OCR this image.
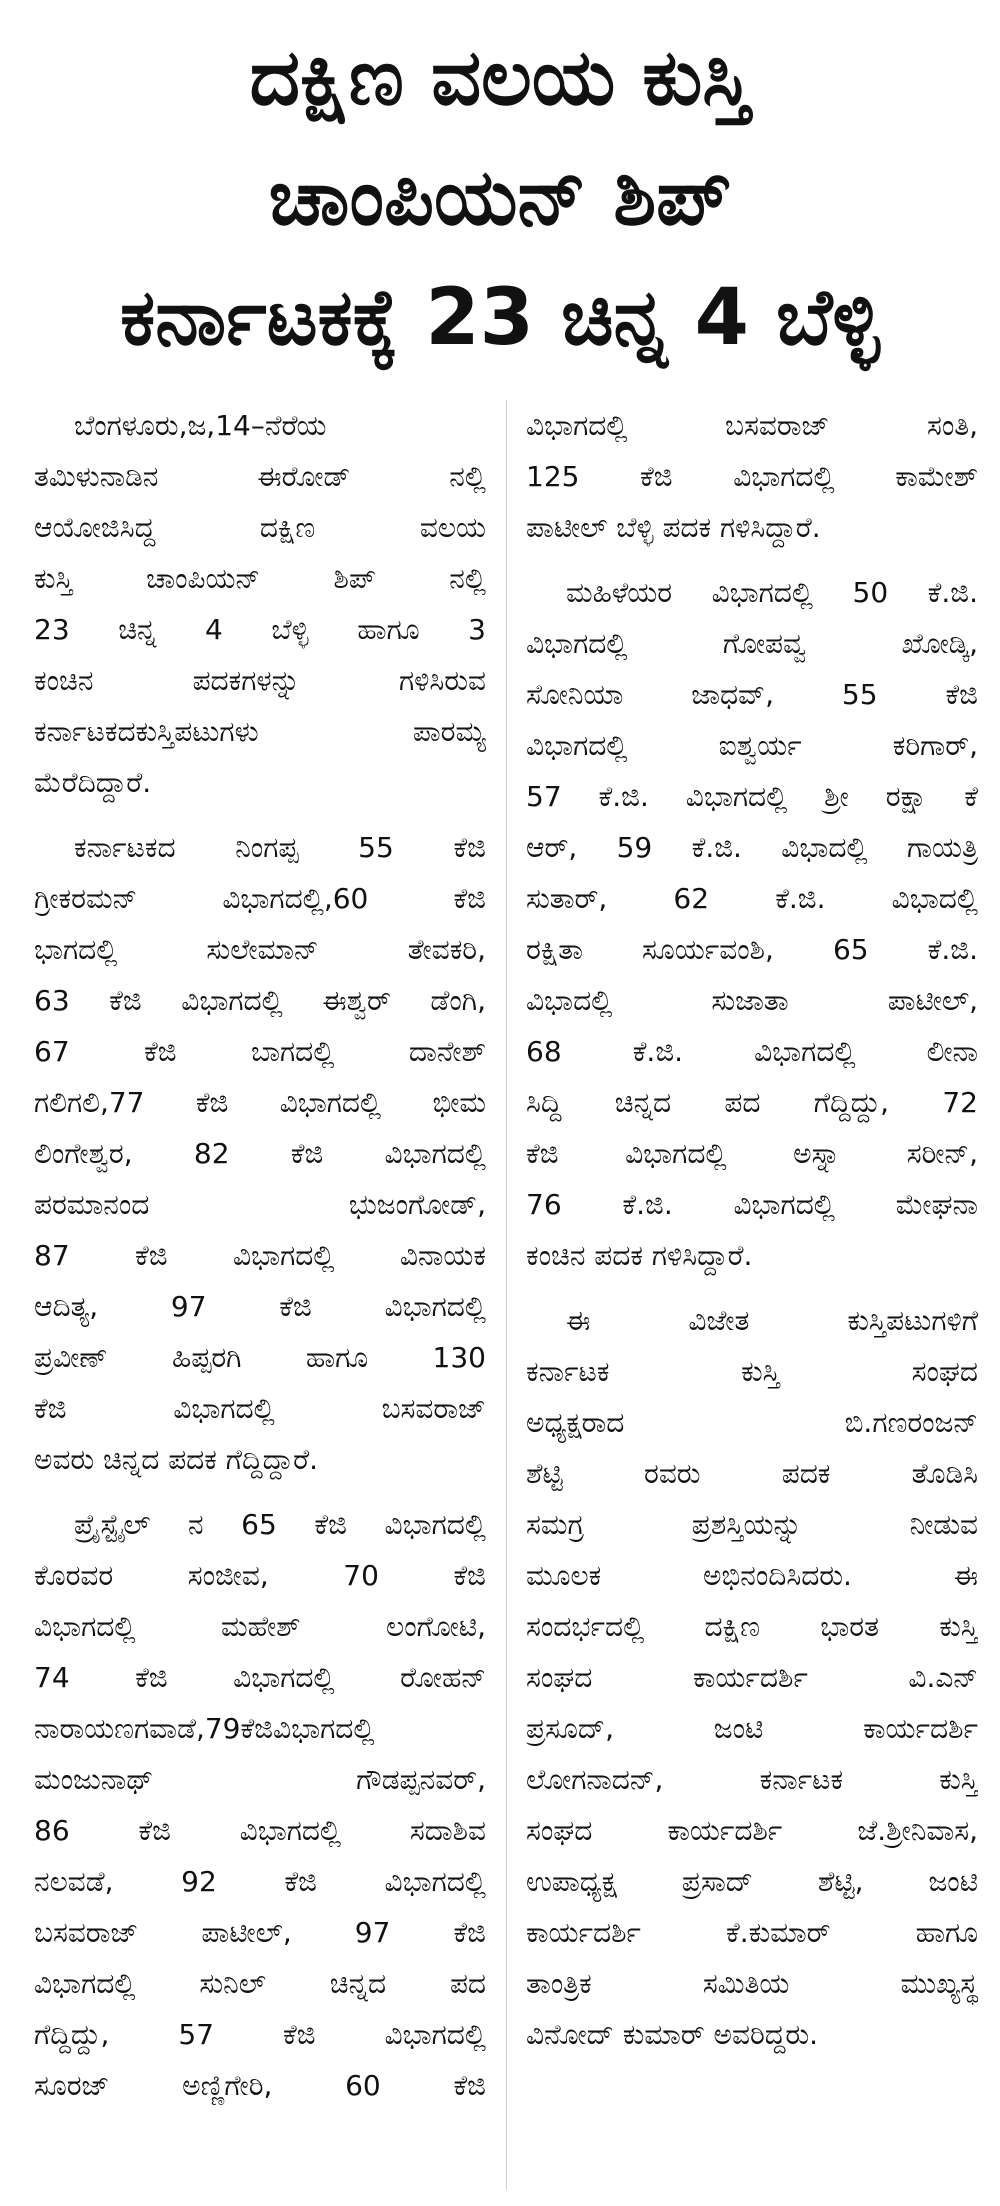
ದಕ್ಷಿಣ ವಲಯ ಕುಸ್ತಿ
ಚಾಂಪಿಯನ್ ಶಿಪ್
ಕರ್ನಾಟಕಕ್ಕೆ 23 ಚಿನ್ನ 4 ಬೆಳ್ಳಿ
ಬೆಂಗಳೂರು,ಜ,14–ನೆರೆಯ
ತಮಿಳುನಾಡಿನ ಈರೋಡ್ ನಲ್ಲಿ
ಆಯೋಜಿಸಿದ್ದ ದಕ್ಷಿಣ ವಲಯ
ಕುಸ್ತಿ ಚಾಂಪಿಯನ್ ಶಿಪ್ ನಲ್ಲಿ
23 ಚಿನ್ನ 4 ಬೆಳ್ಳಿ ಹಾಗೂ 3
ಕಂಚಿನ ಪದಕಗಳನ್ನು ಗಳಿಸಿರುವ
ಕರ್ನಾಟಕದಕುಸ್ತಿಪಟುಗಳು ಪಾರಮ್ಯ
ಮೆರೆದಿದ್ದಾರೆ.
ಕರ್ನಾಟಕದ ನಿಂಗಪ್ಪ 55 ಕೆಜಿ
ಗ್ರೀಕರಮನ್ ವಿಭಾಗದಲ್ಲಿ,60 ಕೆಜಿ
ಭಾಗದಲ್ಲಿ ಸುಲೇಮಾನ್ ತೇವಕರಿ,
63 ಕೆಜಿ ವಿಭಾಗದಲ್ಲಿ ಈಶ್ವರ್ ಡೆಂಗಿ,
67 ಕೆಜಿ ಬಾಗದಲ್ಲಿ ದಾನೇಶ್
ಗಲಿಗಲಿ,77 ಕೆಜಿ ವಿಭಾಗದಲ್ಲಿ ಭೀಮ
ಲಿಂಗೇಶ್ವರ, 82 ಕೆಜಿ ವಿಭಾಗದಲ್ಲಿ
ಪರಮಾನಂದ ಭುಜಂಗೋಡ್,
87 ಕೆಜಿ ವಿಭಾಗದಲ್ಲಿ ವಿನಾಯಕ
ಆದಿತ್ಯ, 97 ಕೆಜಿ ವಿಭಾಗದಲ್ಲಿ
ಪ್ರವೀಣ್ ಹಿಪ್ಪರಗಿ ಹಾಗೂ 130
ಕೆಜಿ ವಿಭಾಗದಲ್ಲಿ ಬಸವರಾಜ್
ಅವರು ಚಿನ್ನದ ಪದಕ ಗೆದ್ದಿದ್ದಾರೆ.
ಪ್ರೈಸ್ಟೈಲ್ ನ 65 ಕೆಜಿ ವಿಭಾಗದಲ್ಲಿ
ಕೊರವರ ಸಂಜೀವ, 70 ಕೆಜಿ
ವಿಭಾಗದಲ್ಲಿ ಮಹೇಶ್ ಲಂಗೋಟಿ,
74 ಕೆಜಿ ವಿಭಾಗದಲ್ಲಿ ರೋಹನ್
ನಾರಾಯಣಗವಾಡೆ,79ಕೆಜಿವಿಭಾಗದಲ್ಲಿ
ಮಂಜುನಾಥ್ ಗೌಡಪ್ಪನವರ್,
86 ಕೆಜಿ ವಿಭಾಗದಲ್ಲಿ ಸದಾಶಿವ
ನಲವಡೆ, 92 ಕೆಜಿ ವಿಭಾಗದಲ್ಲಿ
ಬಸವರಾಜ್ ಪಾಟೀಲ್, 97 ಕೆಜಿ
ವಿಭಾಗದಲ್ಲಿ ಸುನಿಲ್ ಚಿನ್ನದ ಪದ
ಗೆದ್ದಿದ್ದು, 57 ಕೆಜಿ ವಿಭಾಗದಲ್ಲಿ
ಸೂರಜ್ ಅಣ್ಣಿಗೇರಿ, 60 ಕೆಜಿ
ವಿಭಾಗದಲ್ಲಿ ಬಸವರಾಜ್ ಸಂತಿ,
125 ಕೆಜಿ ವಿಭಾಗದಲ್ಲಿ ಕಾಮೇಶ್
ಪಾಟೀಲ್ ಬೆಳ್ಳಿ ಪದಕ ಗಳಿಸಿದ್ದಾರೆ.
ಮಹಿಳೆಯರ ವಿಭಾಗದಲ್ಲಿ 50 ಕೆ.ಜಿ.
ವಿಭಾಗದಲ್ಲಿ ಗೋಪವ್ವ ಖೋಡ್ಕಿ,
ಸೋನಿಯಾ ಜಾಧವ್, 55 ಕೆಜಿ
ವಿಭಾಗದಲ್ಲಿ ಐಶ್ವರ್ಯ ಕರಿಗಾರ್,
57 ಕೆ.ಜಿ. ವಿಭಾಗದಲ್ಲಿ ಶ್ರೀ ರಕ್ಷಾ ಕೆ
ಆರ್, 59 ಕೆ.ಜಿ. ವಿಭಾದಲ್ಲಿ ಗಾಯತ್ರಿ
ಸುತಾರ್, 62 ಕೆ.ಜಿ. ವಿಭಾದಲ್ಲಿ
ರಕ್ಷಿತಾ ಸೂರ್ಯವಂಶಿ, 65 ಕೆ.ಜಿ.
ವಿಭಾದಲ್ಲಿ ಸುಜಾತಾ ಪಾಟೀಲ್,
68 ಕೆ.ಜಿ. ವಿಭಾಗದಲ್ಲಿ ಲೀನಾ
ಸಿದ್ದಿ ಚಿನ್ನದ ಪದ ಗೆದ್ದಿದ್ದು, 72
ಕೆಜಿ ವಿಭಾಗದಲ್ಲಿ ಅಸ್ನಾ ಸರೀನ್,
76 ಕೆ.ಜಿ. ವಿಭಾಗದಲ್ಲಿ ಮೇಘನಾ
ಕಂಚಿನ ಪದಕ ಗಳಿಸಿದ್ದಾರೆ.
ಈ ವಿಜೇತ ಕುಸ್ತಿಪಟುಗಳಿಗೆ
ಕರ್ನಾಟಕ ಕುಸ್ತಿ ಸಂಘದ
ಅಧ್ಯಕ್ಷರಾದ ಬಿ.ಗಣರಂಜನ್
ಶೆಟ್ಟಿ ರವರು ಪದಕ ತೊಡಿಸಿ
ಸಮಗ್ರ ಪ್ರಶಸ್ತಿಯನ್ನು ನೀಡುವ
ಮೂಲಕ ಅಭಿನಂದಿಸಿದರು. ಈ
ಸಂದರ್ಭದಲ್ಲಿ ದಕ್ಷಿಣ ಭಾರತ ಕುಸ್ತಿ
ಸಂಘದ ಕಾರ್ಯದರ್ಶಿ ವಿ.ಎನ್
ಪ್ರಸೂದ್, ಜಂಟಿ ಕಾರ್ಯದರ್ಶಿ
ಲೋಗನಾದನ್, ಕರ್ನಾಟಕ ಕುಸ್ತಿ
ಸಂಘದ ಕಾರ್ಯದರ್ಶಿ ಜೆ.ಶ್ರೀನಿವಾಸ,
ಉಪಾಧ್ಯಕ್ಷ ಪ್ರಸಾದ್ ಶೆಟ್ಟಿ, ಜಂಟಿ
ಕಾರ್ಯದರ್ಶಿ ಕೆ.ಕುಮಾರ್ ಹಾಗೂ
ತಾಂತ್ರಿಕ ಸಮಿತಿಯ ಮುಖ್ಯಸ್ಥ
ವಿನೋದ್ ಕುಮಾರ್ ಅವರಿದ್ದರು.
